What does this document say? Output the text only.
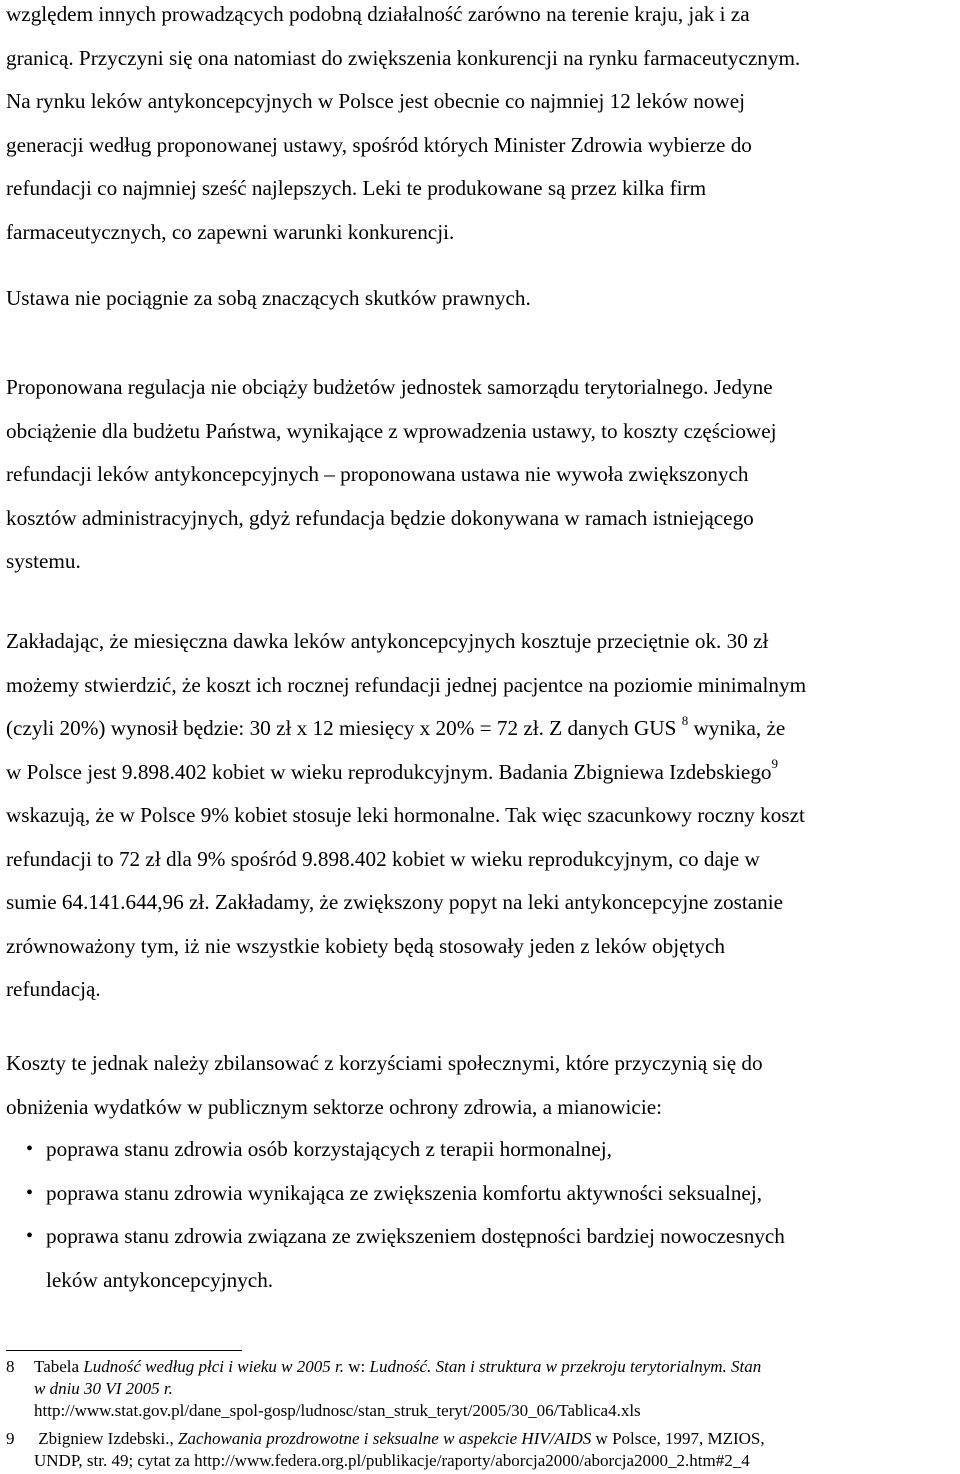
względem innych prowadzących podobną działalność zarówno na terenie kraju, jak i za
granicą. Przyczyni się ona natomiast do zwiększenia konkurencji na rynku farmaceutycznym.
Na rynku leków antykoncepcyjnych w Polsce jest obecnie co najmniej 12 leków nowej
generacji według proponowanej ustawy, spośród których Minister Zdrowia wybierze do
refundacji co najmniej sześć najlepszych. Leki te produkowane są przez kilka firm
farmaceutycznych, co zapewni warunki konkurencji.
Ustawa nie pociągnie za sobą znaczących skutków prawnych.
Proponowana regulacja nie obciąży budżetów jednostek samorządu terytorialnego. Jedyne
obciążenie dla budżetu Państwa, wynikające z wprowadzenia ustawy, to koszty częściowej
refundacji leków antykoncepcyjnych – proponowana ustawa nie wywoła zwiększonych
kosztów administracyjnych, gdyż refundacja będzie dokonywana w ramach istniejącego
systemu.
Zakładając, że miesięczna dawka leków antykoncepcyjnych kosztuje przeciętnie ok. 30 zł
możemy stwierdzić, że koszt ich rocznej refundacji jednej pacjentce na poziomie minimalnym
(czyli 20%) wynosił będzie: 30 zł x 12 miesięcy x 20% = 72 zł. Z danych GUS $^8$ wynika, że
w Polsce jest 9.898.402 kobiet w wieku reprodukcyjnym. Badania Zbigniewa Izdebskiego$^9$
wskazują, że w Polsce 9% kobiet stosuje leki hormonalne. Tak więc szacunkowy roczny koszt
refundacji to 72 zł dla 9% spośród 9.898.402 kobiet w wieku reprodukcyjnym, co daje w
sumie 64.141.644,96 zł. Zakładamy, że zwiększony popyt na leki antykoncepcyjne zostanie
zrównoważony tym, iż nie wszystkie kobiety będą stosowały jeden z leków objętych
refundacją.
Koszty te jednak należy zbilansować z korzyściami społecznymi, które przyczynią się do
obniżenia wydatków w publicznym sektorze ochrony zdrowia, a mianowicie:
• poprawa stanu zdrowia osób korzystających z terapii hormonalnej,
• poprawa stanu zdrowia wynikająca ze zwiększenia komfortu aktywności seksualnej,
• poprawa stanu zdrowia związana ze zwiększeniem dostępności bardziej nowoczesnych
leków antykoncepcyjnych.
8 Tabela Ludność według płci i wieku w 2005 r. w: Ludność. Stan i struktura w przekroju terytorialnym. Stan
w dniu 30 VI 2005 r.
http://www.stat.gov.pl/dane_spol-gosp/ludnosc/stan_struk_teryt/2005/30_06/Tablica4.xls
9 Zbigniew Izdebski., Zachowania prozdrowotne i seksualne w aspekcie HIV/AIDS w Polsce, 1997, MZIOS,
UNDP, str. 49; cytat za http://www.federa.org.pl/publikacje/raporty/aborcja2000/aborcja2000_2.htm#2_4
